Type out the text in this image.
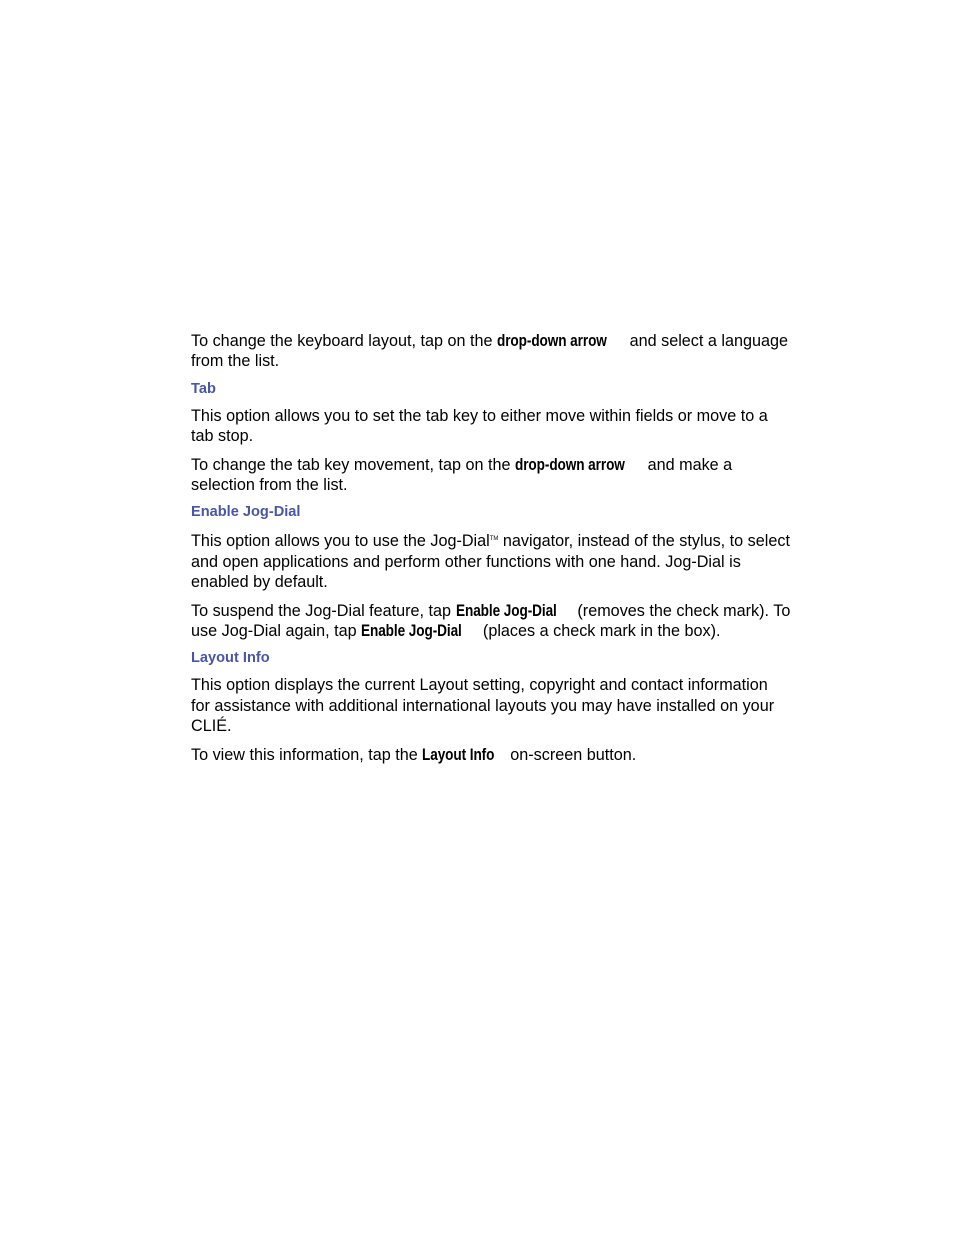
To change the keyboard layout, tap on the drop-down arrow and select a language from the list.

Tab

This option allows you to set the tab key to either move within fields or move to a tab stop.

To change the tab key movement, tap on the drop-down arrow and make a selection from the list.

Enable Jog-Dial

This option allows you to use the Jog-Dial™ navigator, instead of the stylus, to select and open applications and perform other functions with one hand. Jog-Dial is enabled by default.

To suspend the Jog-Dial feature, tap Enable Jog-Dial (removes the check mark). To use Jog-Dial again, tap Enable Jog-Dial (places a check mark in the box).

Layout Info

This option displays the current Layout setting, copyright and contact information for assistance with additional international layouts you may have installed on your CLIÉ.

To view this information, tap the Layout Info on-screen button.
